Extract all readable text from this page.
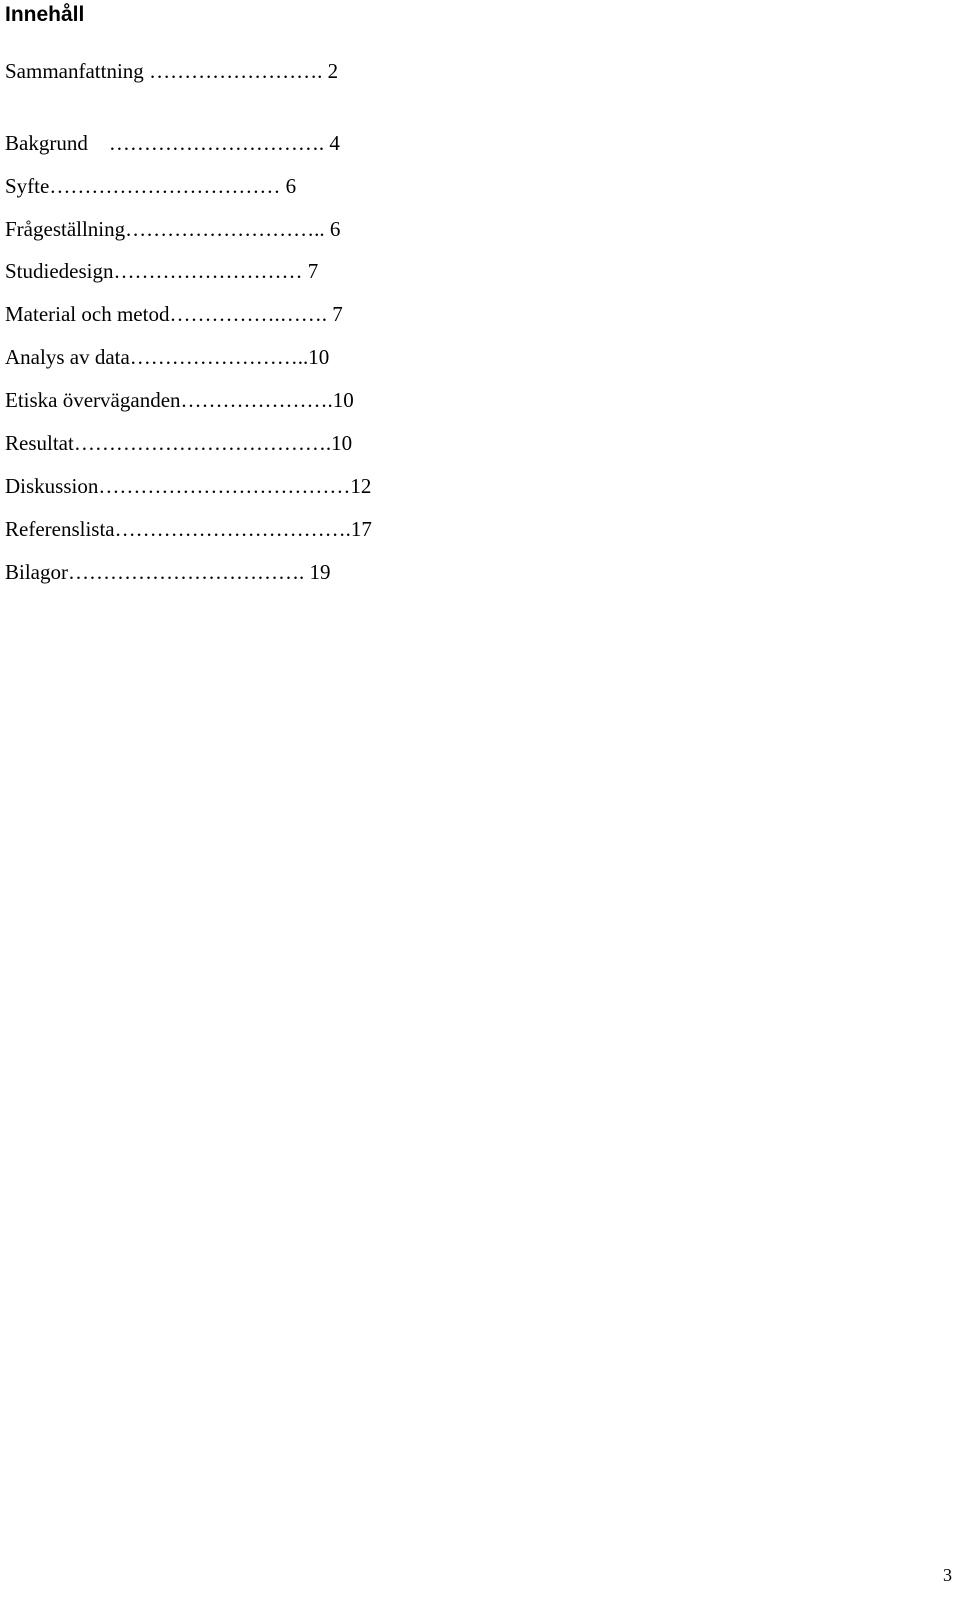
Innehåll
Sammanfattning ……………………. 2
Bakgrund    …………………………. 4
Syfte…………………………… 6
Frågeställning……………………….. 6
Studiedesign……………………… 7
Material och metod…………….……. 7
Analys av data……………………..10
Etiska överväganden………………….10
Resultat……………………………….10
Diskussion………………………………12
Referenslista…………………………….17
Bilagor……………………………. 19
3
